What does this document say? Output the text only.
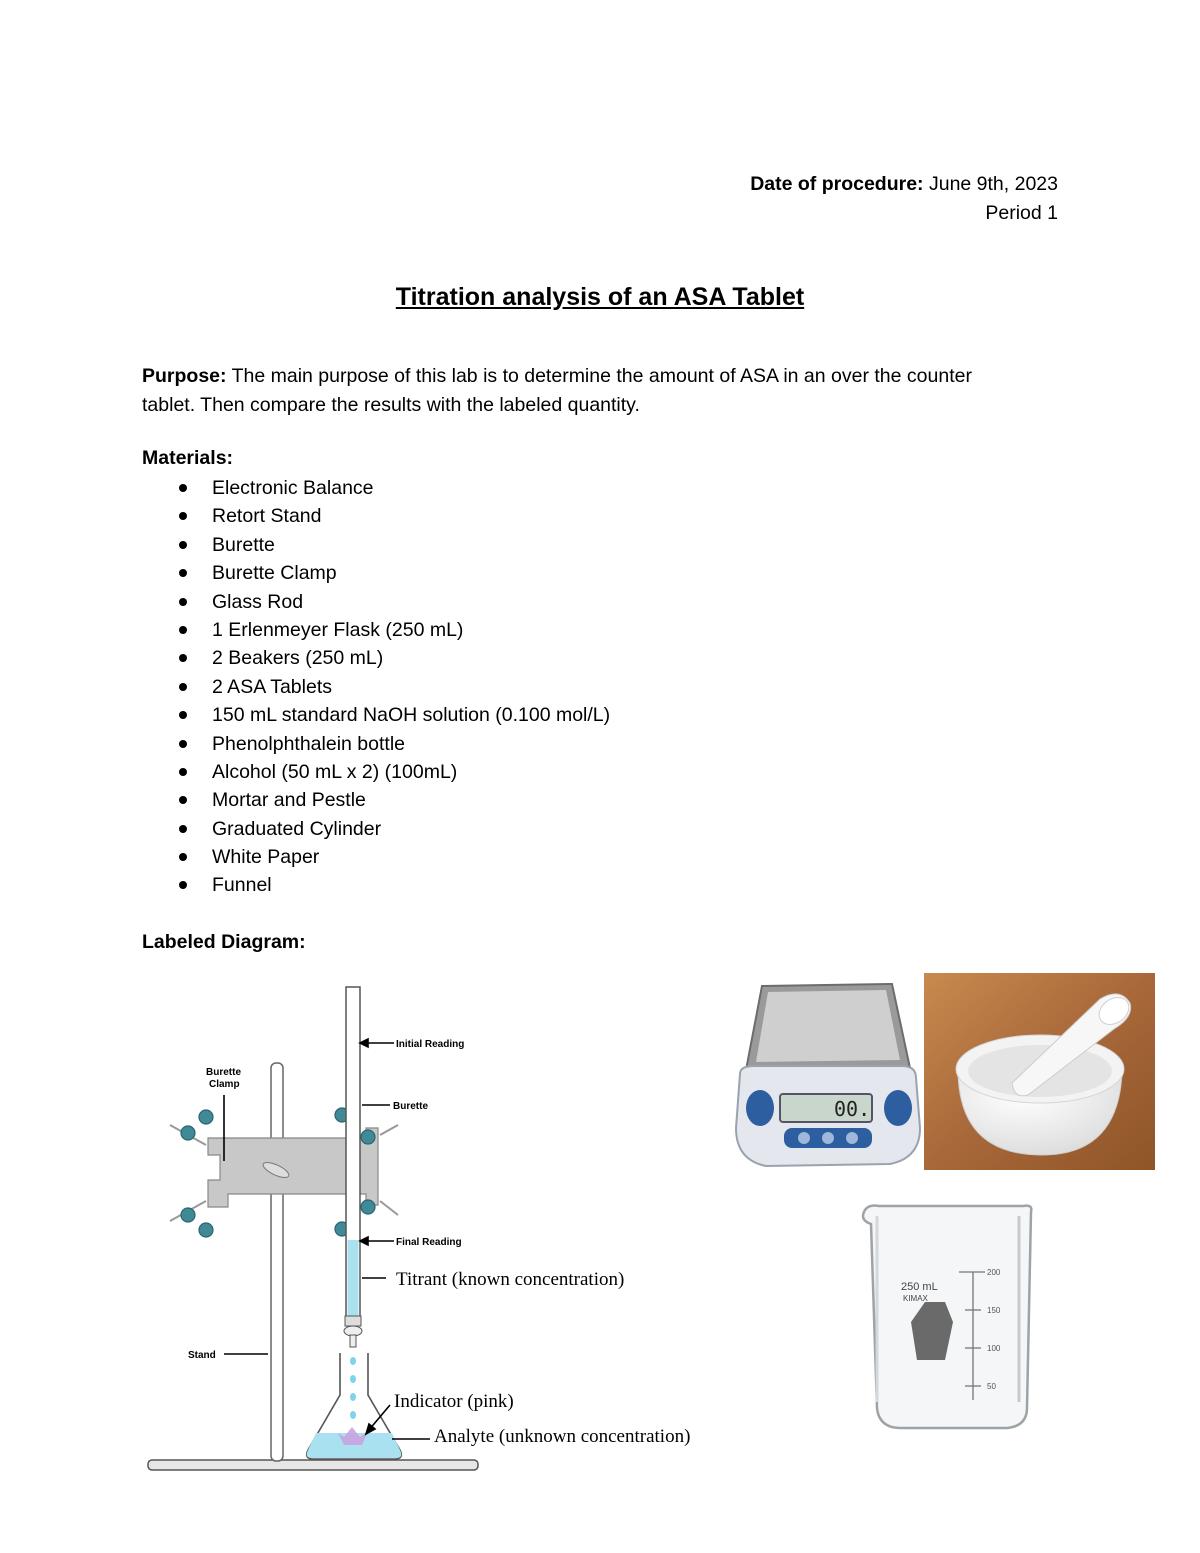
Date of procedure: June 9th, 2023
Period 1
Titration analysis of an ASA Tablet
Purpose: The main purpose of this lab is to determine the amount of ASA in an over the counter tablet. Then compare the results with the labeled quantity.
Materials:
Electronic Balance
Retort Stand
Burette
Burette Clamp
Glass Rod
1 Erlenmeyer Flask (250 mL)
2 Beakers (250 mL)
2 ASA Tablets
150 mL standard NaOH solution (0.100 mol/L)
Phenolphthalein bottle
Alcohol (50 mL x 2) (100mL)
Mortar and Pestle
Graduated Cylinder
White Paper
Funnel
Labeled Diagram:
Initial Reading
Burette
Clamp
Burette
Final Reading
Titrant (known concentration)
Stand
Indicator (pink)
Analyte (unknown concentration)
00.
250 mL
KIMAX
200
150
100
50
